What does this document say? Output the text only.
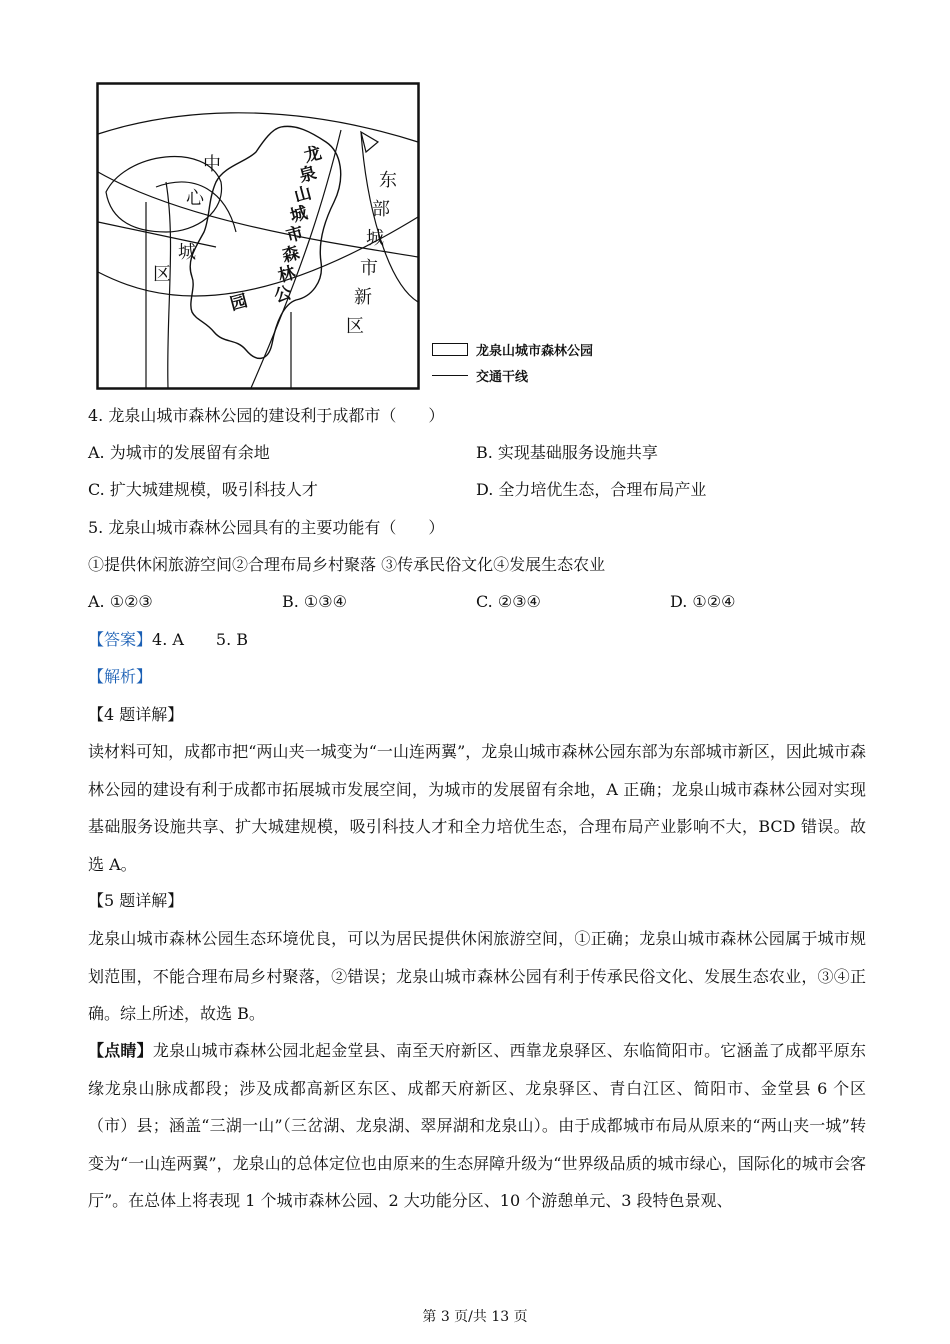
中
心
城
区
龙
泉
山
城
市
森
林
公
园
东
部
城
市
新
区
龙泉山城市森林公园
交通干线
4. 龙泉山城市森林公园的建设利于成都市（　　）
A. 为城市的发展留有余地	B. 实现基础服务设施共享
C. 扩大城建规模，吸引科技人才	D. 全力培优生态，合理布局产业
5. 龙泉山城市森林公园具有的主要功能有（　　）
①提供休闲旅游空间②合理布局乡村聚落 ③传承民俗文化④发展生态农业
A. ①②③	B. ①③④	C. ②③④	D. ①②④
【答案】4. A　　5. B
【解析】
【4 题详解】
读材料可知，成都市把“两山夹一城变为“一山连两翼”，龙泉山城市森林公园东部为东部城市新区，因此城市森林公园的建设有利于成都市拓展城市发展空间，为城市的发展留有余地，A 正确；龙泉山城市森林公园对实现基础服务设施共享、扩大城建规模，吸引科技人才和全力培优生态，合理布局产业影响不大，BCD 错误。故选 A。
【5 题详解】
龙泉山城市森林公园生态环境优良，可以为居民提供休闲旅游空间，①正确；龙泉山城市森林公园属于城市规划范围，不能合理布局乡村聚落，②错误；龙泉山城市森林公园有利于传承民俗文化、发展生态农业，③④正确。综上所述，故选 B。
【点睛】龙泉山城市森林公园北起金堂县、南至天府新区、西靠龙泉驿区、东临简阳市。它涵盖了成都平原东缘龙泉山脉成都段；涉及成都高新区东区、成都天府新区、龙泉驿区、青白江区、简阳市、金堂县 6 个区（市）县；涵盖“三湖一山”（三岔湖、龙泉湖、翠屏湖和龙泉山）。由于成都城市布局从原来的“两山夹一城”转变为“一山连两翼”，龙泉山的总体定位也由原来的生态屏障升级为“世界级品质的城市绿心，国际化的城市会客厅”。在总体上将表现 1 个城市森林公园、2 大功能分区、10 个游憩单元、3 段特色景观、
第 3 页/共 13 页
